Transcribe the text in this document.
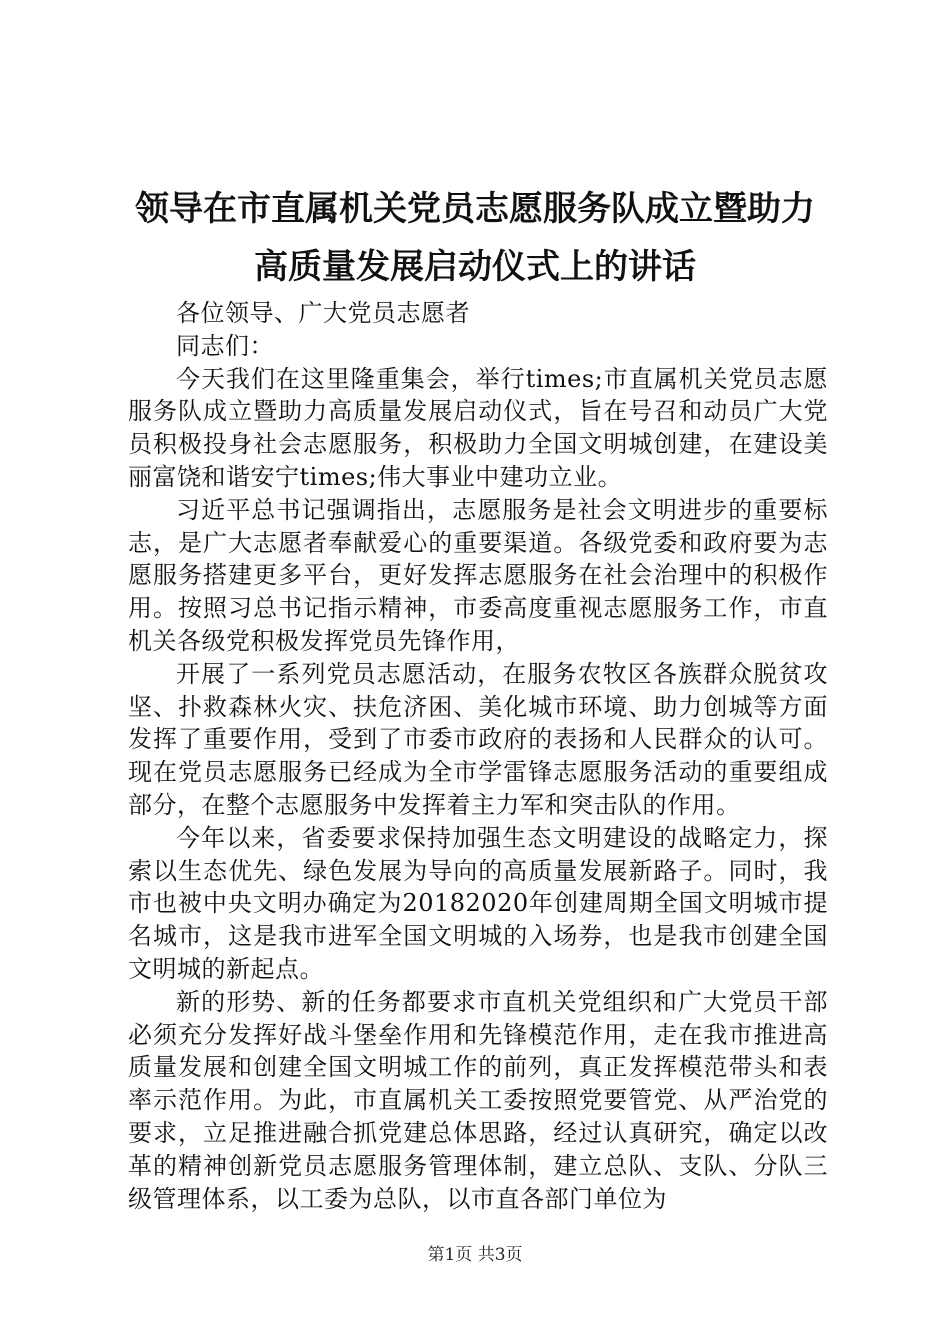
领导在市直属机关党员志愿服务队成立暨助力
高质量发展启动仪式上的讲话

各位领导、广大党员志愿者

同志们：

今天我们在这里隆重集会，举行times;市直属机关党员志愿服务队成立暨助力高质量发展启动仪式，旨在号召和动员广大党员积极投身社会志愿服务，积极助力全国文明城创建，在建设美丽富饶和谐安宁times;伟大事业中建功立业。

习近平总书记强调指出，志愿服务是社会文明进步的重要标志，是广大志愿者奉献爱心的重要渠道。各级党委和政府要为志愿服务搭建更多平台，更好发挥志愿服务在社会治理中的积极作用。按照习总书记指示精神，市委高度重视志愿服务工作，市直机关各级党积极发挥党员先锋作用，

开展了一系列党员志愿活动，在服务农牧区各族群众脱贫攻坚、扑救森林火灾、扶危济困、美化城市环境、助力创城等方面发挥了重要作用，受到了市委市政府的表扬和人民群众的认可。现在党员志愿服务已经成为全市学雷锋志愿服务活动的重要组成部分，在整个志愿服务中发挥着主力军和突击队的作用。

今年以来，省委要求保持加强生态文明建设的战略定力，探索以生态优先、绿色发展为导向的高质量发展新路子。同时，我市也被中央文明办确定为20182020年创建周期全国文明城市提名城市，这是我市进军全国文明城的入场券，也是我市创建全国文明城的新起点。

新的形势、新的任务都要求市直机关党组织和广大党员干部必须充分发挥好战斗堡垒作用和先锋模范作用，走在我市推进高质量发展和创建全国文明城工作的前列，真正发挥模范带头和表率示范作用。为此，市直属机关工委按照党要管党、从严治党的要求，立足推进融合抓党建总体思路，经过认真研究，确定以改革的精神创新党员志愿服务管理体制，建立总队、支队、分队三级管理体系，以工委为总队，以市直各部门单位为

第1页 共3页
